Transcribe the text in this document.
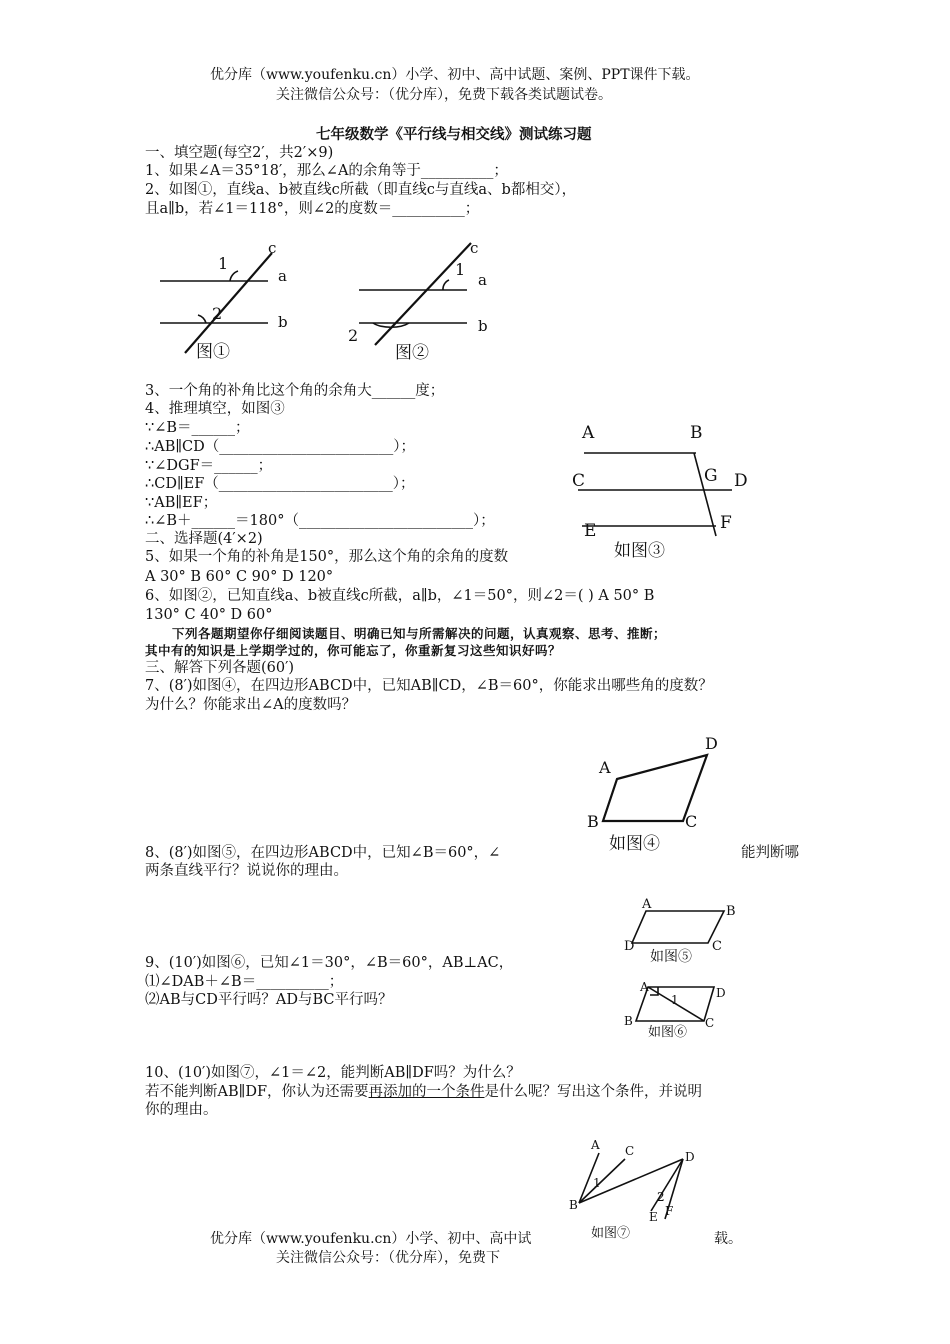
优分库（www.youfenku.cn）小学、初中、高中试题、案例、PPT课件下载。
关注微信公众号：（优分库），免费下载各类试题试卷。
七年级数学《平行线与相交线》测试练习题
一、填空题(每空2′，共2′×9)
1、如果∠A＝35°18′，那么∠A的余角等于__________；
2、如图①，直线a、b被直线c所截（即直线c与直线a、b都相交），
且a∥b，若∠1＝118°，则∠2的度数＝__________；
c
a
b
1
2
图①
c
a
b
1
2
图②
3、一个角的补角比这个角的余角大______度；
4、推理填空，如图③
∵∠B＝______；
∴AB∥CD（________________________）；
∵∠DGF＝______；
∴CD∥EF（________________________）；
∵AB∥EF；
∴∠B＋______＝180°（________________________）；
A	B
C	D
G
E	F
如图③
二、选择题(4′×2)
5、如果一个角的补角是150°，那么这个角的余角的度数
A 30° B 60° C 90° D 120°
6、如图②，已知直线a、b被直线c所截，a∥b，∠1＝50°，则∠2＝( ) A 50° B
130° C 40° D 60°
下列各题期望你仔细阅读题目、明确已知与所需解决的问题，认真观察、思考、推断；
其中有的知识是上学期学过的，你可能忘了，你重新复习这些知识好吗？
三、解答下列各题(60′)
7、(8′)如图④，在四边形ABCD中，已知AB∥CD，∠B＝60°，你能求出哪些角的度数？
为什么？你能求出∠A的度数吗？
A
D
B	C
如图④
8、(8′)如图⑤，在四边形ABCD中，已知∠B＝60°，∠	能判断哪
两条直线平行？说说你的理由。
A	B
D	C
如图⑤
9、(10′)如图⑥，已知∠1＝30°，∠B＝60°，AB⊥AC，
⑴∠DAB＋∠B＝__________；
⑵AB与CD平行吗？AD与BC平行吗？
A	D
B	C
1
如图⑥
10、(10′)如图⑦，∠1＝∠2，能判断AB∥DF吗？为什么？
若不能判断AB∥DF，你认为还需要再添加的一个条件是什么呢？写出这个条件，并说明
你的理由。
A C
B
D
E F
1
2
如图⑦
优分库（www.youfenku.cn）小学、初中、高中试	载。
关注微信公众号：（优分库），免费下
